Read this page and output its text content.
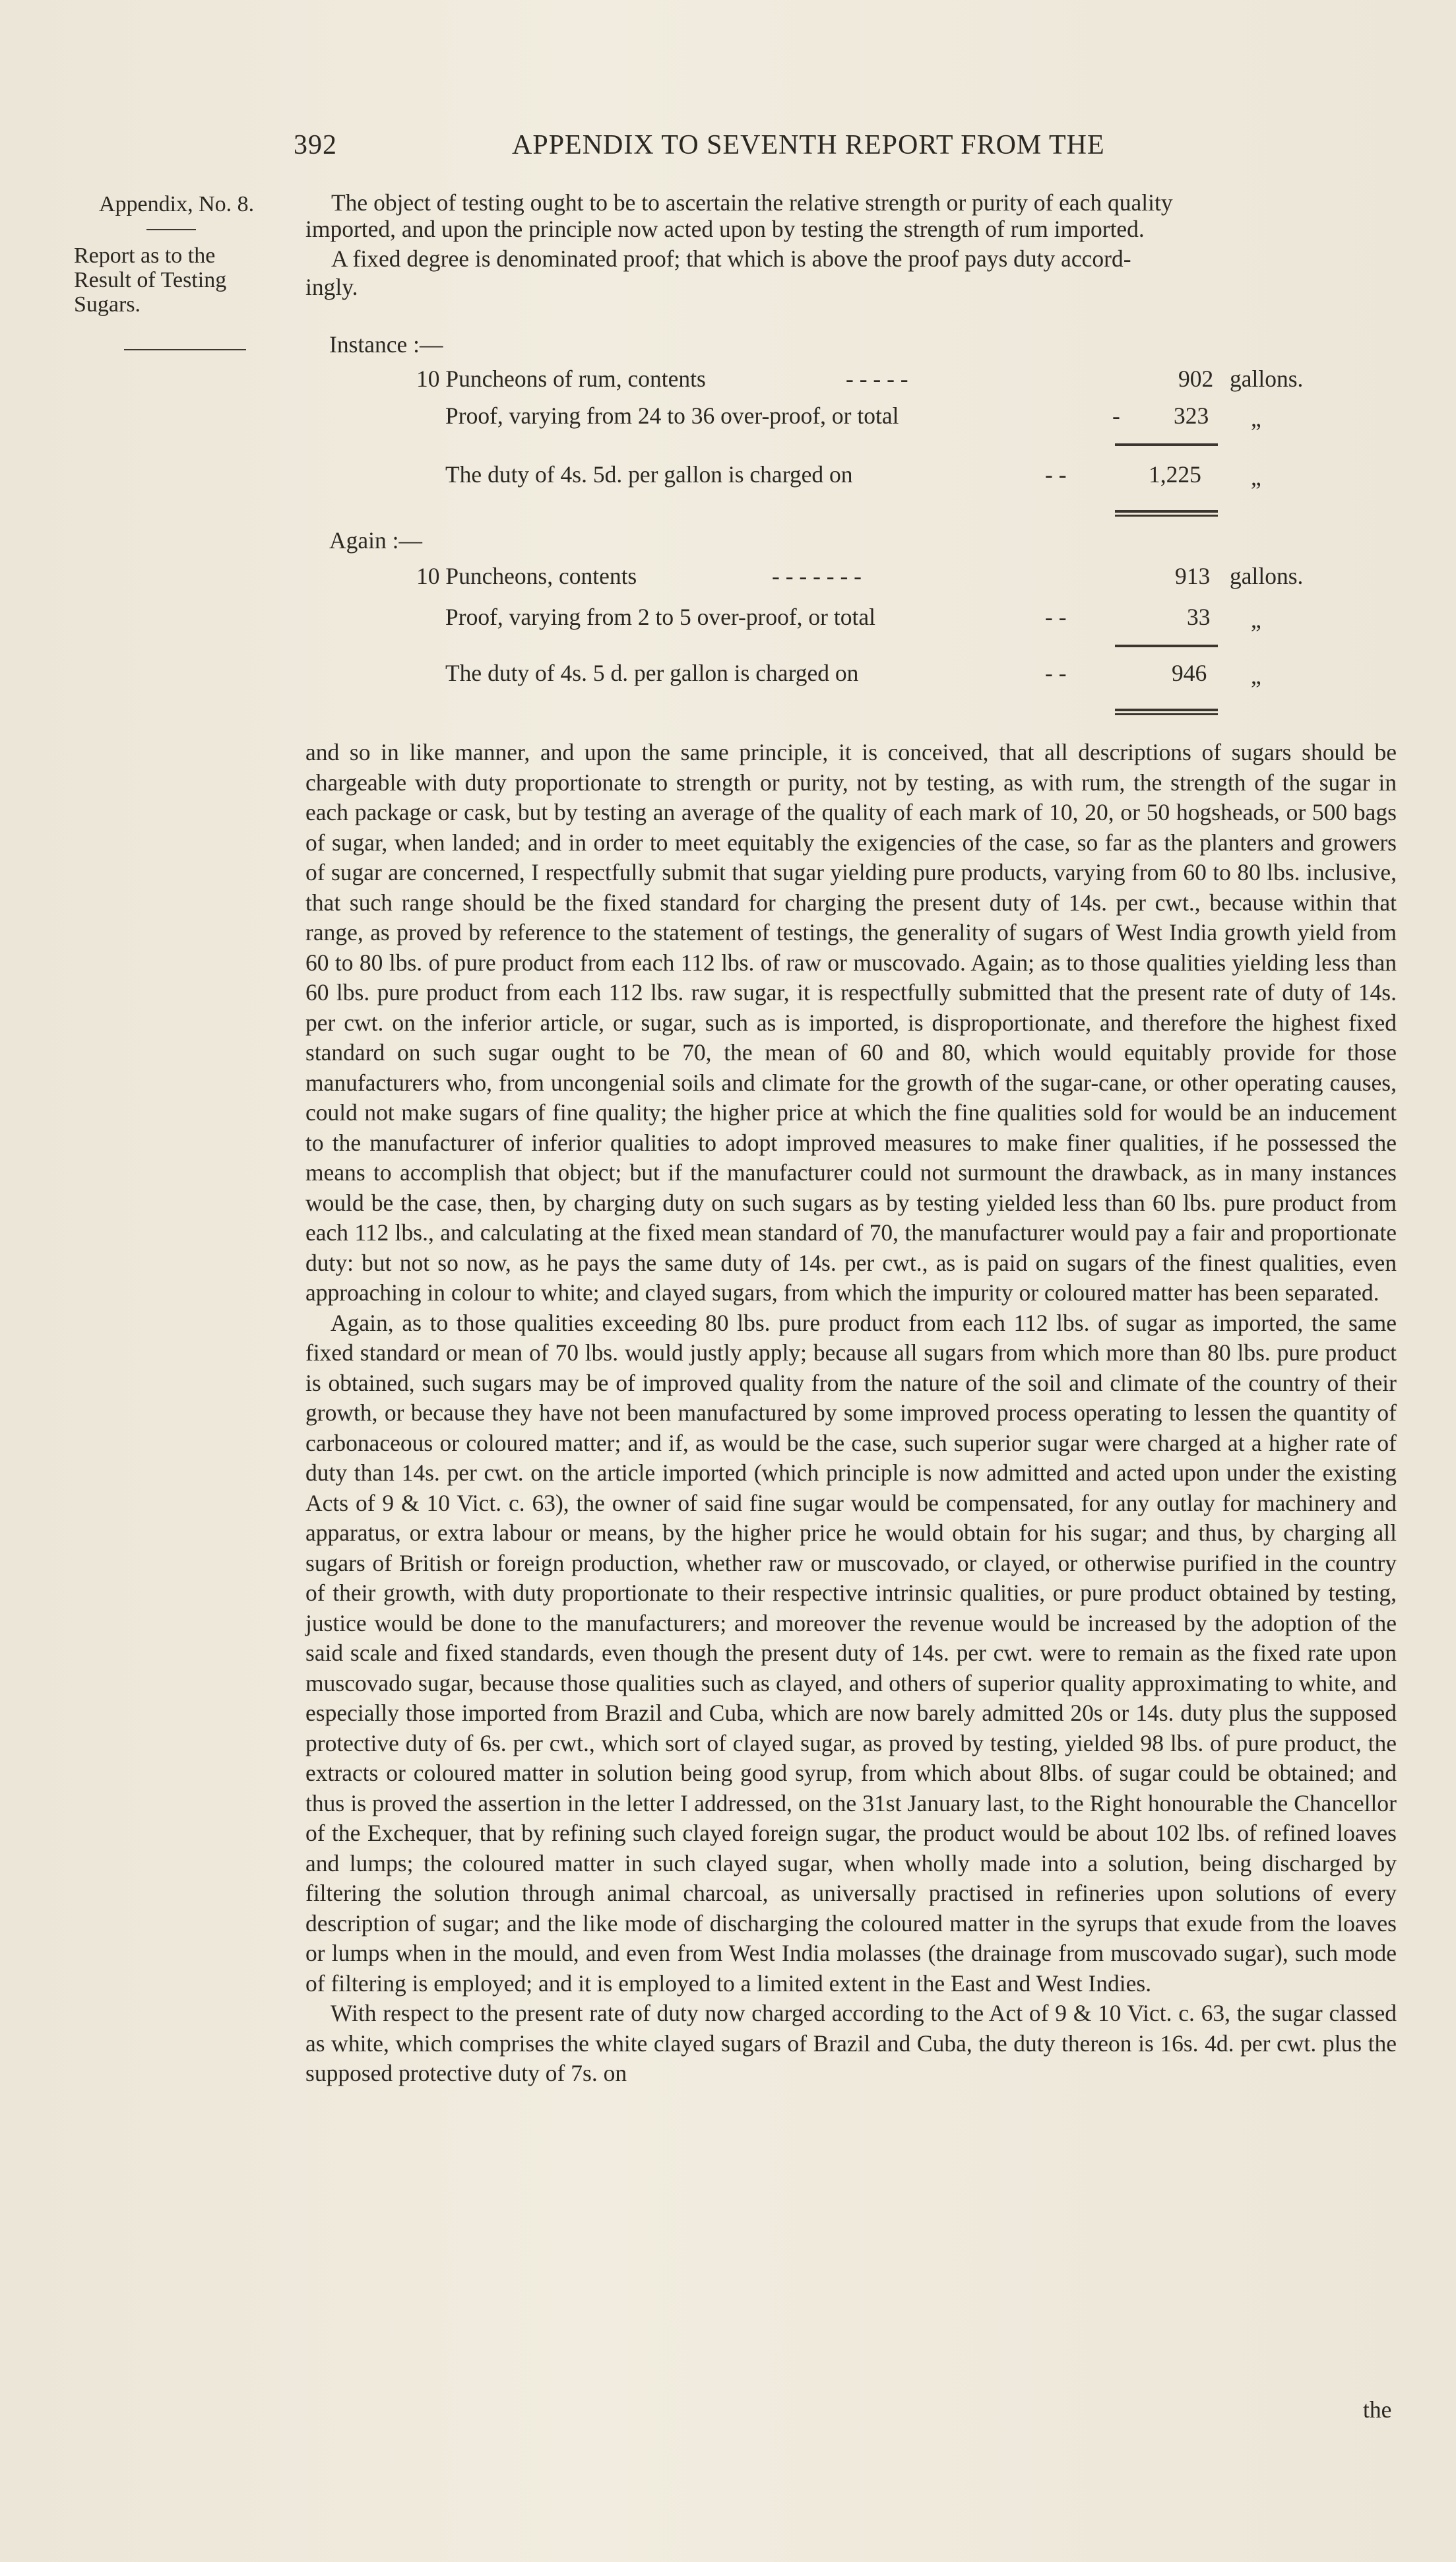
392	APPENDIX TO SEVENTH REPORT FROM THE
Appendix, No. 8.
Report as to the
Result of Testing
Sugars.
The object of testing ought to be to ascertain the relative strength or purity of each quality
imported, and upon the principle now acted upon by testing the strength of rum imported.
A fixed degree is denominated proof; that which is above the proof pays duty accord-
ingly.
Instance :—
10 Puncheons of rum, contents	- - - - -	902 gallons.
Proof, varying from 24 to 36 over-proof, or total	- 323 „
The duty of 4s. 5d. per gallon is charged on	- -	1,225 „
Again :—
10 Puncheons, contents	- - - - - - -	913 gallons.
Proof, varying from 2 to 5 over-proof, or total	- -	33 „
The duty of 4s. 5 d. per gallon is charged on	- -	946 „

and so in like manner, and upon the same principle, it is conceived, that all descriptions of sugars should be chargeable with duty proportionate to strength or purity, not by testing, as with rum, the strength of the sugar in each package or cask, but by testing an average of the quality of each mark of 10, 20, or 50 hogsheads, or 500 bags of sugar, when landed; and in order to meet equitably the exigencies of the case, so far as the planters and growers of sugar are concerned, I respectfully submit that sugar yielding pure products, varying from 60 to 80 lbs. inclusive, that such range should be the fixed standard for charging the present duty of 14s. per cwt., because within that range, as proved by reference to the statement of testings, the generality of sugars of West India growth yield from 60 to 80 lbs. of pure product from each 112 lbs. of raw or muscovado. Again; as to those qualities yielding less than 60 lbs. pure product from each 112 lbs. raw sugar, it is respectfully submitted that the present rate of duty of 14s. per cwt. on the inferior article, or sugar, such as is imported, is disproportionate, and therefore the highest fixed standard on such sugar ought to be 70, the mean of 60 and 80, which would equitably provide for those manufacturers who, from uncongenial soils and climate for the growth of the sugar-cane, or other operating causes, could not make sugars of fine quality; the higher price at which the fine qualities sold for would be an inducement to the manufacturer of inferior qualities to adopt improved measures to make finer qualities, if he possessed the means to accomplish that object; but if the manufacturer could not surmount the drawback, as in many instances would be the case, then, by charging duty on such sugars as by testing yielded less than 60 lbs. pure product from each 112 lbs., and calculating at the fixed mean standard of 70, the manufacturer would pay a fair and proportionate duty: but not so now, as he pays the same duty of 14s. per cwt., as is paid on sugars of the finest qualities, even approaching in colour to white; and clayed sugars, from which the impurity or coloured matter has been separated.

Again, as to those qualities exceeding 80 lbs. pure product from each 112 lbs. of sugar as imported, the same fixed standard or mean of 70 lbs. would justly apply; because all sugars from which more than 80 lbs. pure product is obtained, such sugars may be of improved quality from the nature of the soil and climate of the country of their growth, or because they have not been manufactured by some improved process operating to lessen the quantity of carbonaceous or coloured matter; and if, as would be the case, such superior sugar were charged at a higher rate of duty than 14s. per cwt. on the article imported (which principle is now admitted and acted upon under the existing Acts of 9 & 10 Vict. c. 63), the owner of said fine sugar would be compensated, for any outlay for machinery and apparatus, or extra labour or means, by the higher price he would obtain for his sugar; and thus, by charging all sugars of British or foreign production, whether raw or muscovado, or clayed, or otherwise purified in the country of their growth, with duty proportionate to their respective intrinsic qualities, or pure product obtained by testing, justice would be done to the manufacturers; and moreover the revenue would be increased by the adoption of the said scale and fixed standards, even though the present duty of 14s. per cwt. were to remain as the fixed rate upon muscovado sugar, because those qualities such as clayed, and others of superior quality approximating to white, and especially those imported from Brazil and Cuba, which are now barely admitted 20s or 14s. duty plus the supposed protective duty of 6s. per cwt., which sort of clayed sugar, as proved by testing, yielded 98 lbs. of pure product, the extracts or coloured matter in solution being good syrup, from which about 8lbs. of sugar could be obtained; and thus is proved the assertion in the letter I addressed, on the 31st January last, to the Right honourable the Chancellor of the Exchequer, that by refining such clayed foreign sugar, the product would be about 102 lbs. of refined loaves and lumps; the coloured matter in such clayed sugar, when wholly made into a solution, being discharged by filtering the solution through animal charcoal, as universally practised in refineries upon solutions of every description of sugar; and the like mode of discharging the coloured matter in the syrups that exude from the loaves or lumps when in the mould, and even from West India molasses (the drainage from muscovado sugar), such mode of filtering is employed; and it is employed to a limited extent in the East and West Indies.

With respect to the present rate of duty now charged according to the Act of 9 & 10 Vict. c. 63, the sugar classed as white, which comprises the white clayed sugars of Brazil and Cuba, the duty thereon is 16s. 4d. per cwt. plus the supposed protective duty of 7s. on

the
